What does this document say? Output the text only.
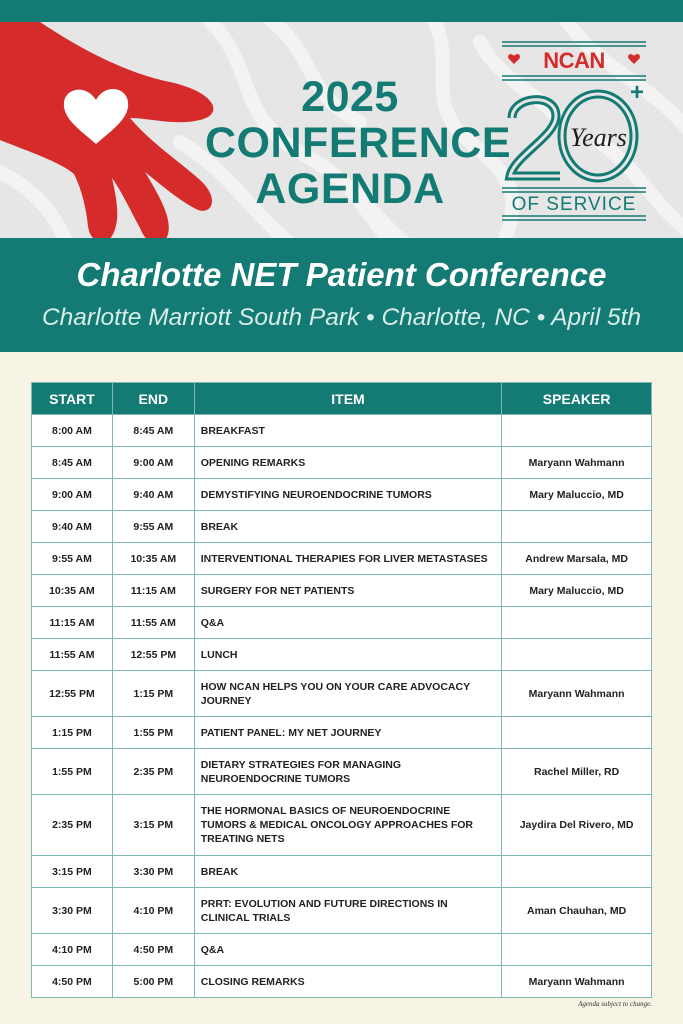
2025
CONFERENCE
AGENDA
+
Years
NCAN
OF SERVICE
Charlotte NET Patient Conference
Charlotte Marriott South Park • Charlotte, NC • April 5th
START	END	ITEM	SPEAKER
8:00 AM	8:45 AM	BREAKFAST	
8:45 AM	9:00 AM	OPENING REMARKS	Maryann Wahmann
9:00 AM	9:40 AM	DEMYSTIFYING NEUROENDOCRINE TUMORS	Mary Maluccio, MD
9:40 AM	9:55 AM	BREAK	
9:55 AM	10:35 AM	INTERVENTIONAL THERAPIES FOR LIVER METASTASES	Andrew Marsala, MD
10:35 AM	11:15 AM	SURGERY FOR NET PATIENTS	Mary Maluccio, MD
11:15 AM	11:55 AM	Q&A	
11:55 AM	12:55 PM	LUNCH	
12:55 PM	1:15 PM	HOW NCAN HELPS YOU ON YOUR CARE ADVOCACY JOURNEY	Maryann Wahmann
1:15 PM	1:55 PM	PATIENT PANEL: MY NET JOURNEY	
1:55 PM	2:35 PM	DIETARY STRATEGIES FOR MANAGING NEUROENDOCRINE TUMORS	Rachel Miller, RD
2:35 PM	3:15 PM	THE HORMONAL BASICS OF NEUROENDOCRINE TUMORS & MEDICAL ONCOLOGY APPROACHES FOR TREATING NETS	Jaydira Del Rivero, MD
3:15 PM	3:30 PM	BREAK	
3:30 PM	4:10 PM	PRRT: EVOLUTION AND FUTURE DIRECTIONS IN CLINICAL TRIALS	Aman Chauhan, MD
4:10 PM	4:50 PM	Q&A	
4:50 PM	5:00 PM	CLOSING REMARKS	Maryann Wahmann
Agenda subject to change.
